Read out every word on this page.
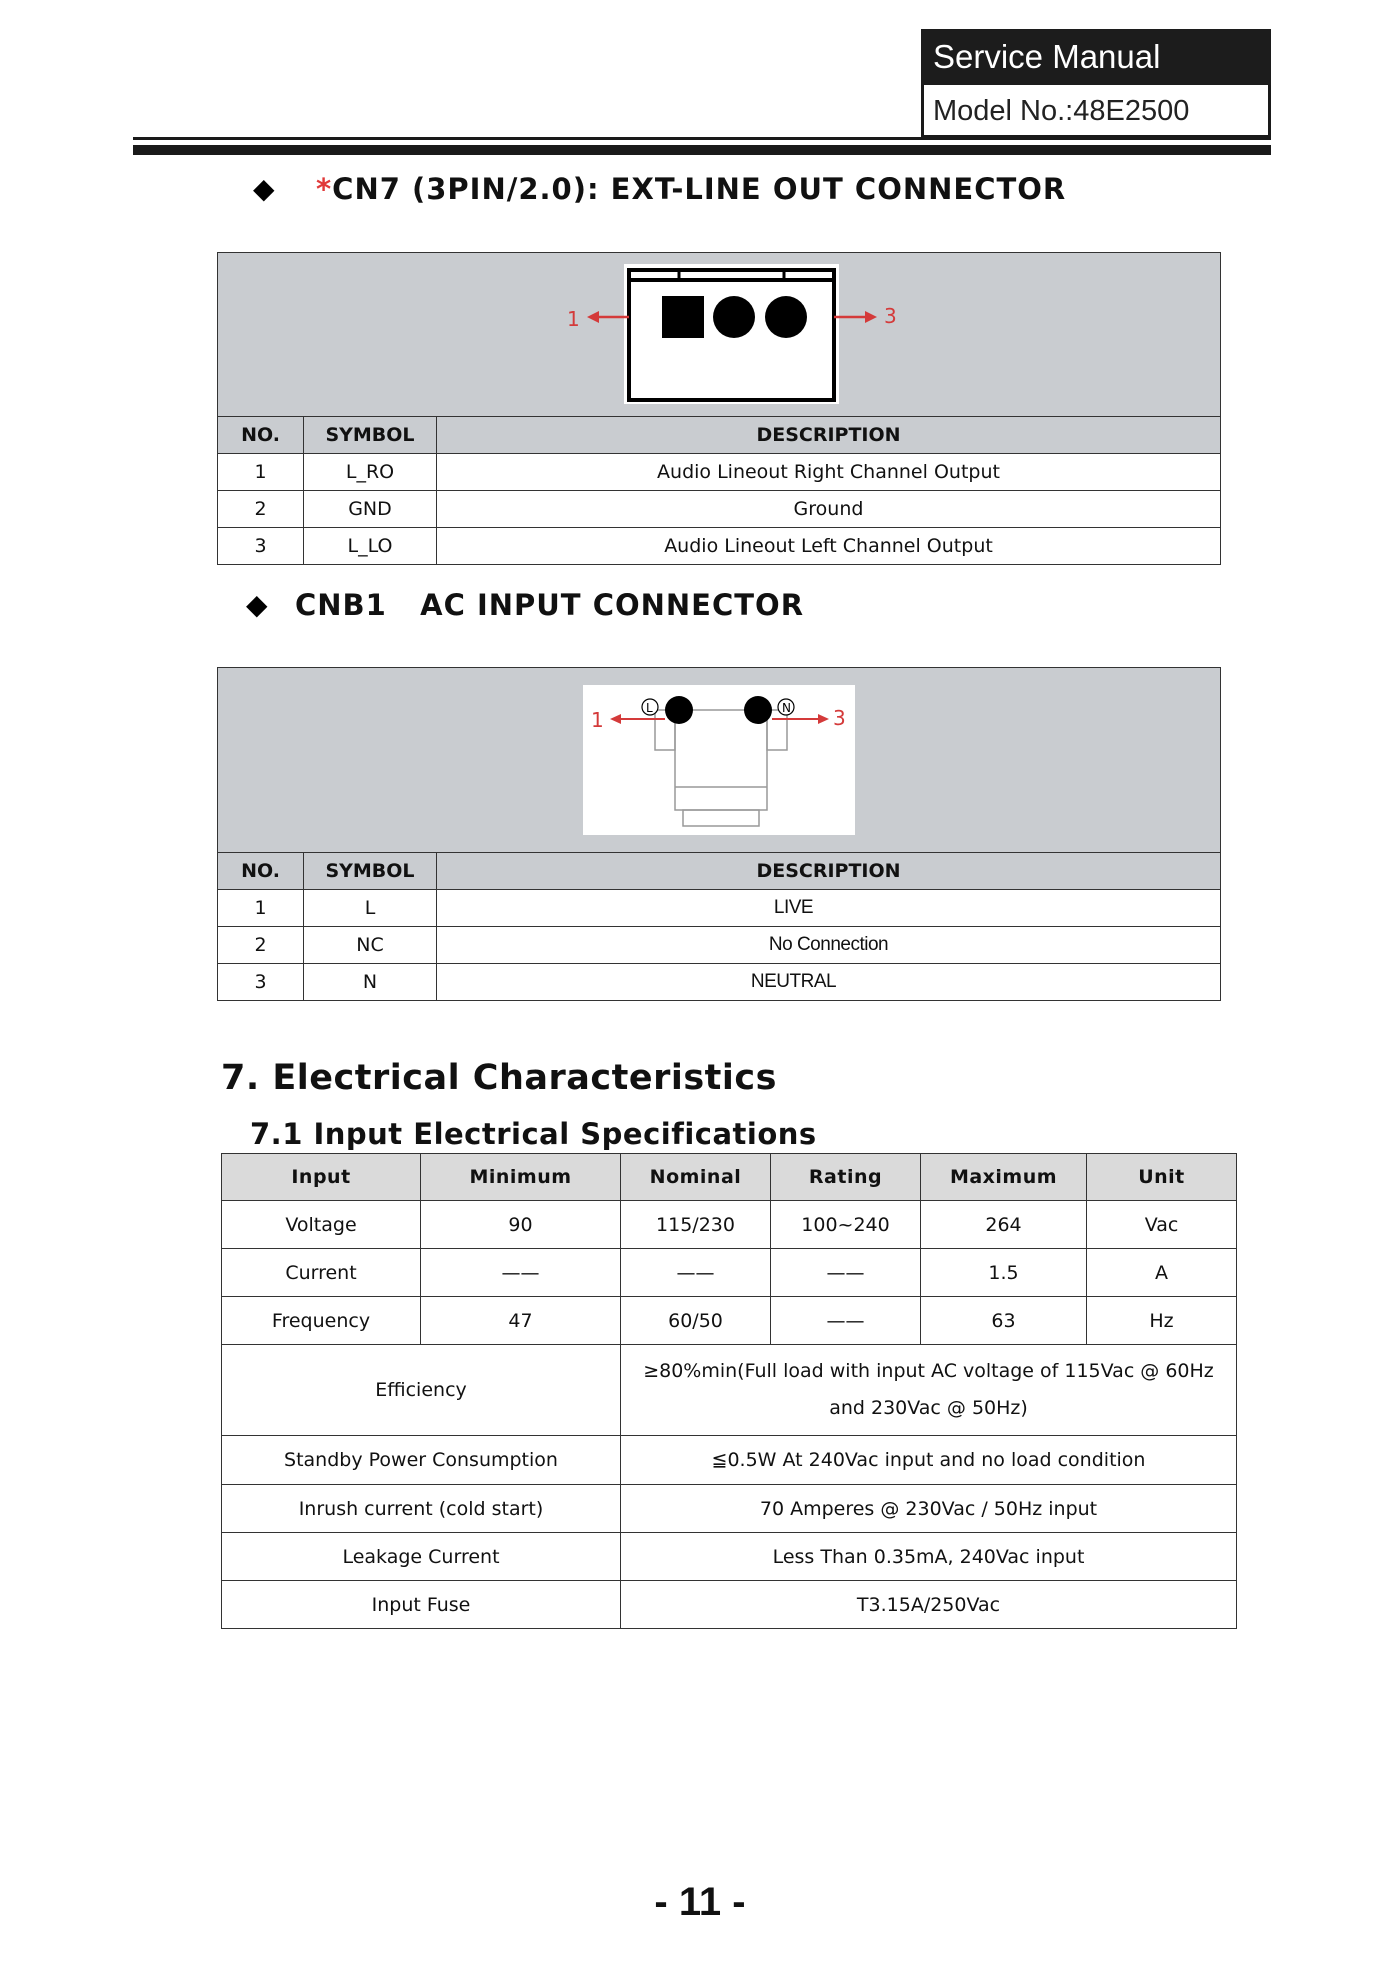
Service Manual
Model No.:48E2500
◆ *CN7 (3PIN/2.0): EXT-LINE OUT CONNECTOR
1 3		

NO.	SYMBOL	DESCRIPTION
1	L_RO	Audio Lineout Right Channel Output
2	GND	Ground
3	L_LO	Audio Lineout Left Channel Output
◆ CNB1   AC INPUT CONNECTOR
L N
1 3		

NO.	SYMBOL	DESCRIPTION
1	L	LIVE
2	NC	No Connection
3	N	NEUTRAL
7. Electrical Characteristics
7.1 Input Electrical Specifications
Input	Minimum	Nominal	Rating	Maximum	Unit
Voltage	90	115/230	100~240	264	Vac
Current	——	——	——	1.5	A
Frequency	47	60/50	——	63	Hz
Efficiency		≥80%min(Full load with input AC voltage of 115Vac @ 60Hz
and 230Vac @ 50Hz)			

Standby Power Consumption		≦0.5W At 240Vac input and no load condition			
Inrush current (cold start)		70 Amperes @ 230Vac / 50Hz input			
Leakage Current		Less Than 0.35mA, 240Vac input			
Input Fuse		T3.15A/250Vac			
- 11 -
